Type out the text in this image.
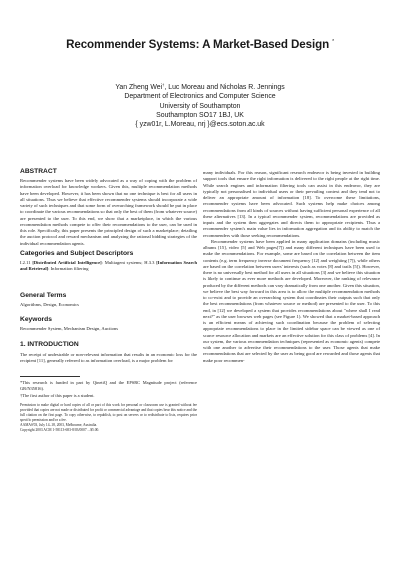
Recommender Systems: A Market-Based Design *
Yan Zheng Wei†, Luc Moreau and Nicholas R. Jennings
Department of Electronics and Computer Science
University of Southampton
Southampton SO17 1BJ, UK
{ yzw01r, L.Moreau, nrj }@ecs.soton.ac.uk
ABSTRACT
Recommender systems have been widely advocated as a way of coping with the problem of information overload for knowledge workers. Given this, multiple recommendation methods have been developed. However, it has been shown that no one technique is best for all users in all situations. Thus we believe that effective recommender systems should incorporate a wide variety of such techniques and that some form of overarching framework should be put in place to coordinate the various recommendations so that only the best of them (from whatever source) are presented to the user. To this end, we show that a marketplace, in which the various recommendation methods compete to offer their recommendations to the user, can be used in this role. Specifically, this paper presents the principled design of such a marketplace; detailing the auction protocol and reward mechanism and analyzing the rational bidding strategies of the individual recommendation agents.
Categories and Subject Descriptors
I.2.11 [Distributed Artificial Intelligence]: Multiagent systems; H.3.3 [Information Search and Retrieval]: Information filtering
General Terms
Algorithms, Design, Economics
Keywords
Recommender System, Mechanism Design, Auctions
1. INTRODUCTION
The receipt of undesirable or non-relevant information that results in an economic loss for the recipient [11], generally referred to as information overload, is a major problem for
*This research is funded in part by QinetiQ and the EPSRC Magnitude project (reference GR/N35816).
†The first author of this paper is a student.
Permission to make digital or hard copies of all or part of this work for personal or classroom use is granted without fee provided that copies are not made or distributed for profit or commercial advantage and that copies bear this notice and the full citation on the first page. To copy otherwise, to republish, to post on servers or to redistribute to lists, requires prior specific permission and/or a fee.
AAMAS'03, July 14–18, 2003, Melbourne, Australia.
Copyright 2003 ACM 1-58113-683-8/03/0007 ...$5.00.

many individuals. For this reason, significant research endeavor is being invested in building support tools that ensure the right information is delivered to the right people at the right time. While search engines and information filtering tools can assist in this endeavor, they are typically not personalised to individual users or their prevailing context and they tend not to deliver an appropriate amount of information [18]. To overcome these limitations, recommender systems have been advocated. Such systems help make choices among recommendations from all kinds of sources without having sufficient personal experience of all these alternatives [13]. In a typical recommender system, recommendations are provided as inputs and the system then aggregates and directs them to appropriate recipients. Thus a recommender system's main value lies in information aggregation and its ability to match the recommenders with those seeking recommendations.

Recommender systems have been applied in many application domains (including music albums [15], video [5] and Web pages[7]) and many different techniques have been used to make the recommendations. For example, some are based on the correlation between the item contents (e.g. term frequency inverse document frequency [12] and weighting [7]), while others are based on the correlation between users' interests (such as votes [8] and trails [5]). However, there is no universally best method for all users in all situations [3] and we believe this situation is likely to continue as ever more methods are developed. Moreover, the ranking of relevance produced by the different methods can vary dramatically from one another. Given this situation, we believe the best way forward in this area is to allow the multiple recommendation methods to co-exist and to provide an overarching system that coordinates their outputs such that only the best recommendations (from whatever source or method) are presented to the user. To this end, in [12] we developed a system that provides recommendations about "where shall I read next?" as the user browses web pages (see Figure 1). We showed that a market-based approach is an efficient means of achieving such coordination because the problem of selecting appropriate recommendations to place in the limited sidebar space can be viewed as one of scarce resource allocation and markets are an effective solution for this class of problems [4]. In our system, the various recommendation techniques (represented as economic agents) compete with one another to advertise their recommendations to the user. Those agents that make recommendations that are selected by the user as being good are rewarded and those agents that make poor recommen-
